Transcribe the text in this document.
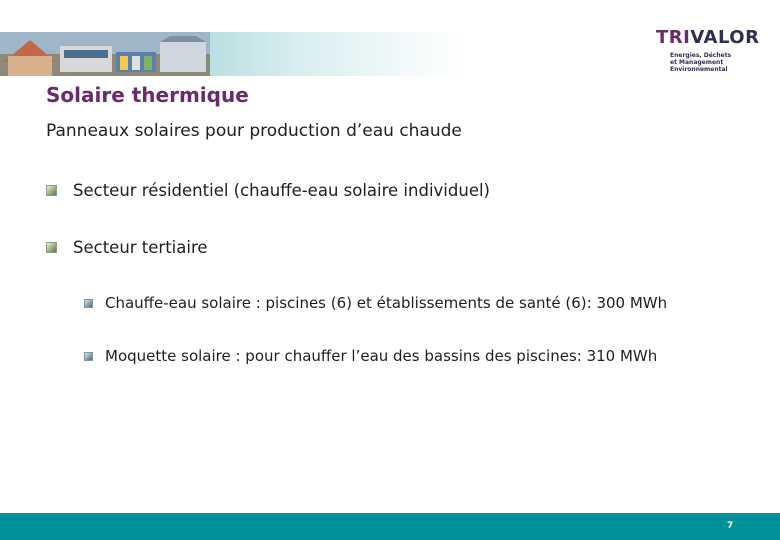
TRIVALOR
Energies, Déchets
et Management
Environnemental
Solaire thermique
Panneaux solaires pour production d’eau chaude
Secteur résidentiel (chauffe-eau solaire individuel)
Secteur tertiaire
Chauffe-eau solaire : piscines (6) et établissements de santé (6): 300 MWh
Moquette solaire : pour chauffer l’eau des bassins des piscines: 310 MWh
7
